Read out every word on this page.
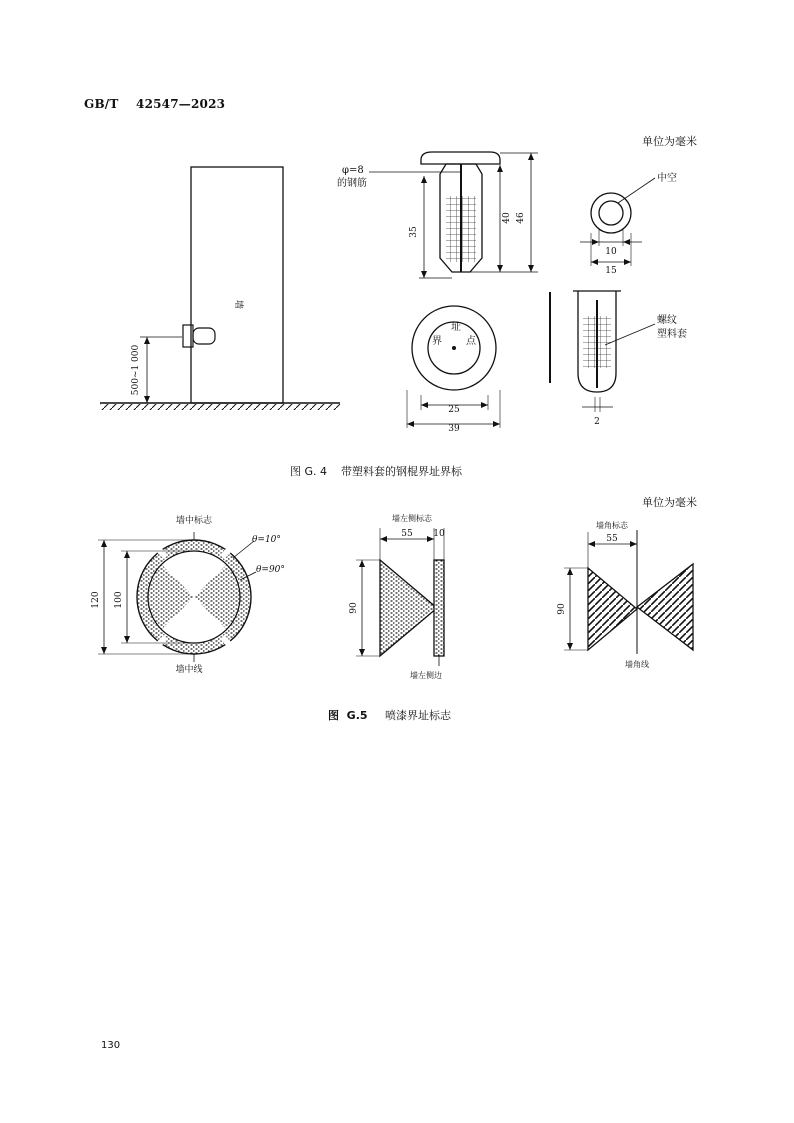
GB/T 42547—2023
单位为毫米
墙
500~1 000
φ=8
的钢筋
35
40 46
中空
10
15
界
址
点
25
39
螺纹
塑料套
2
图 G. 4 带塑料套的钢棍界址界标
单位为毫米
墙中标志
θ=10°
θ=90°
120 100
墙中线
墙左侧标志
55 10
90
墙左侧边
墙角标志
55
90
墙角线
图  G.5 喷漆界址标志
130
